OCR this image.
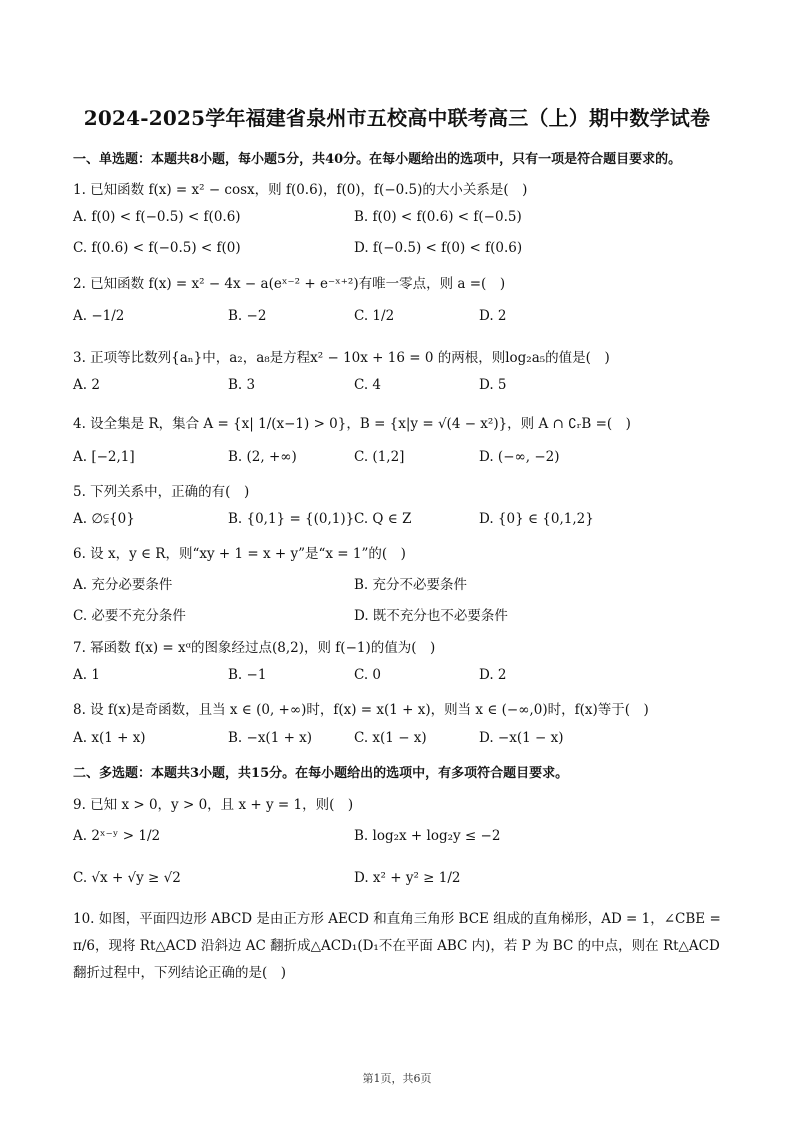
2024-2025学年福建省泉州市五校高中联考高三（上）期中数学试卷
一、单选题：本题共8小题，每小题5分，共40分。在每小题给出的选项中，只有一项是符合题目要求的。
1. 已知函数 f(x) = x² − cosx，则 f(0.6)，f(0)，f(−0.5)的大小关系是(　)
A. f(0) < f(−0.5) < f(0.6)	B. f(0) < f(0.6) < f(−0.5)
C. f(0.6) < f(−0.5) < f(0)	D. f(−0.5) < f(0) < f(0.6)
2. 已知函数 f(x) = x² − 4x − a(eˣ⁻² + e⁻ˣ⁺²)有唯一零点，则 a =(　)
A. −1/2	B. −2	C. 1/2	D. 2
3. 正项等比数列{aₙ}中，a₂，a₈是方程x² − 10x + 16 = 0 的两根，则log₂a₅的值是(　)
A. 2	B. 3	C. 4	D. 5
4. 设全集是 R，集合 A = {x| 1/(x−1) > 0}，B = {x|y = √(4 − x²)}，则 A ∩ ∁ᵣB =(　)
A. [−2,1]	B. (2, +∞)	C. (1,2]	D. (−∞, −2)
5. 下列关系中，正确的有(　)
A. ∅⫋{0}	B. {0,1} = {(0,1)} C. Q ∈ Z	D. {0} ∈ {0,1,2}
6. 设 x，y ∈ R，则“xy + 1 = x + y”是“x = 1”的(　)
A. 充分必要条件	B. 充分不必要条件
C. 必要不充分条件	D. 既不充分也不必要条件
7. 幂函数 f(x) = xᵅ的图象经过点(8,2)，则 f(−1)的值为(　)
A. 1	B. −1	C. 0	D. 2
8. 设 f(x)是奇函数，且当 x ∈ (0, +∞)时，f(x) = x(1 + x)，则当 x ∈ (−∞,0)时，f(x)等于(　)
A. x(1 + x)	B. −x(1 + x)	C. x(1 − x)	D. −x(1 − x)
二、多选题：本题共3小题，共15分。在每小题给出的选项中，有多项符合题目要求。
9. 已知 x > 0，y > 0，且 x + y = 1，则(　)
A. 2ˣ⁻ʸ > 1/2	B. log₂x + log₂y ≤ −2
C. √x + √y ≥ √2	D. x² + y² ≥ 1/2
10. 如图，平面四边形 ABCD 是由正方形 AECD 和直角三角形 BCE 组成的直角梯形，AD = 1，∠CBE = π/6，现将 Rt△ACD 沿斜边 AC 翻折成△ACD₁(D₁不在平面 ABC 内)，若 P 为 BC 的中点，则在 Rt△ACD 翻折过程中，下列结论正确的是(　)
第1页，共6页
